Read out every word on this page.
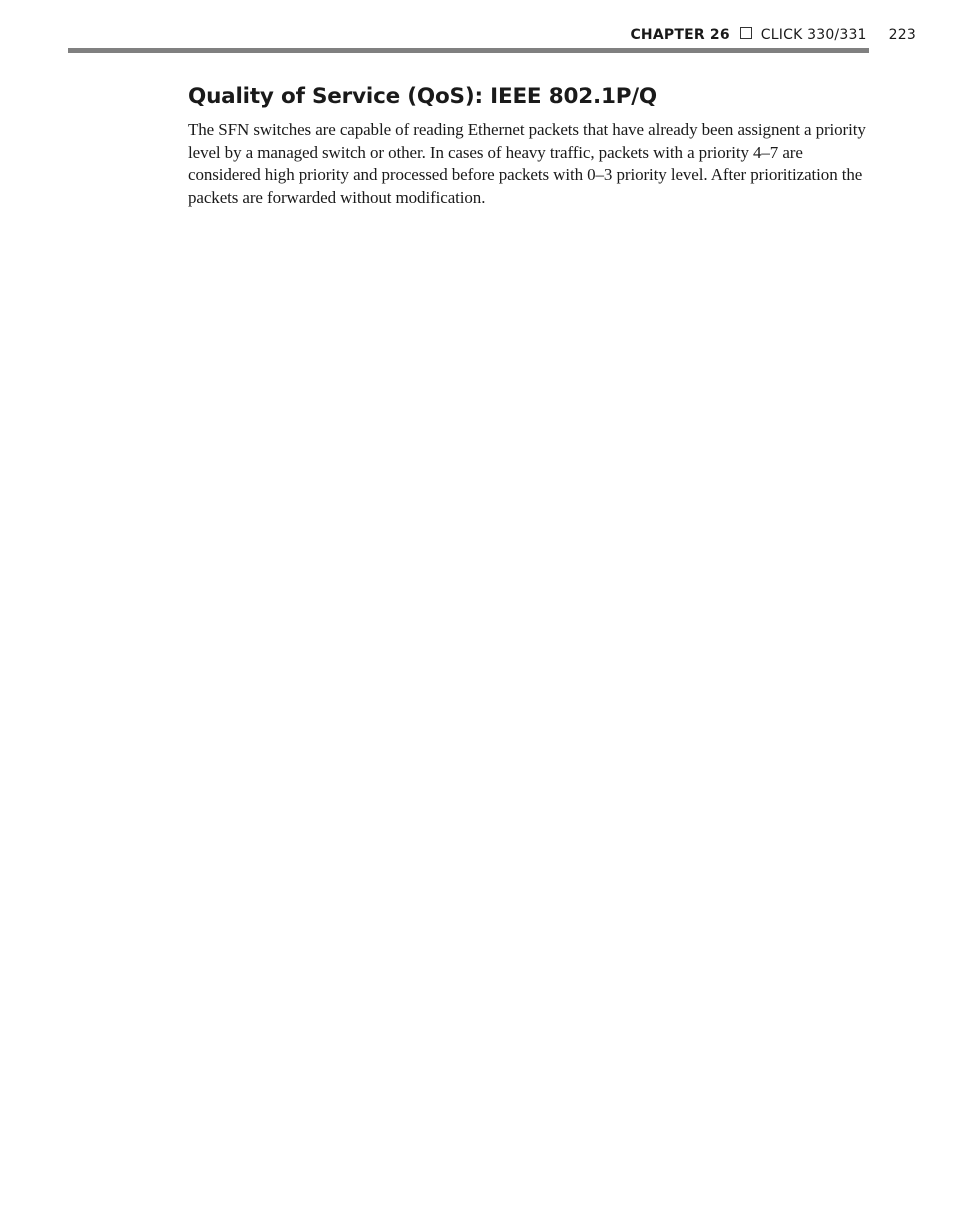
CHAPTER 26 CLICK 330/331 223
Quality of Service (QoS): IEEE 802.1P/Q

The SFN switches are capable of reading Ethernet packets that have already been assignent a priority level by a managed switch or other. In cases of heavy traffic, packets with a priority 4–7 are considered high priority and processed before packets with 0–3 priority level. After prioritization the packets are forwarded without modification.
